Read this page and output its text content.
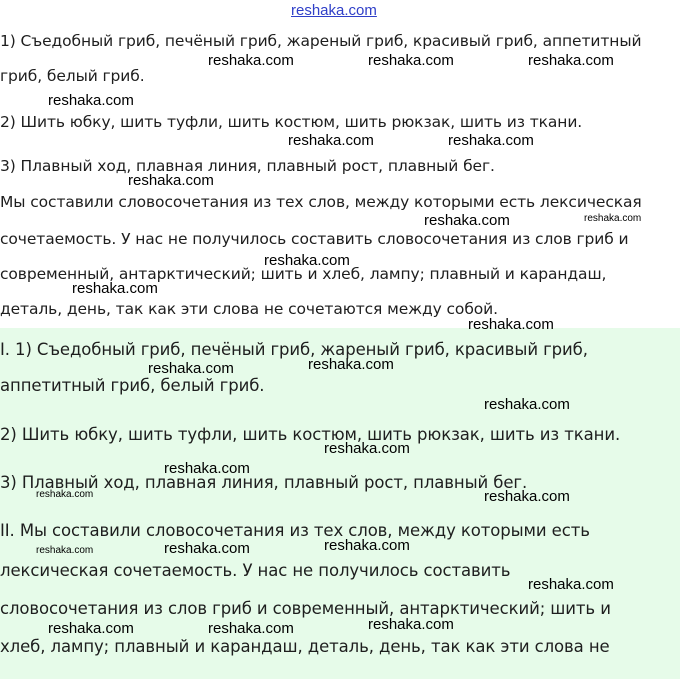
reshaka.com
1) Съедобный гриб, печёный гриб, жареный гриб, красивый гриб, аппетитный
гриб, белый гриб.
2) Шить юбку, шить туфли, шить костюм, шить рюкзак, шить из ткани.
3) Плавный ход, плавная линия, плавный рост, плавный бег.
Мы составили словосочетания из тех слов, между которыми есть лексическая
сочетаемость. У нас не получилось составить словосочетания из слов гриб и
современный, антарктический; шить и хлеб, лампу; плавный и карандаш,
деталь, день, так как эти слова не сочетаются между собой.
I. 1) Съедобный гриб, печёный гриб, жареный гриб, красивый гриб,
аппетитный гриб, белый гриб.
2) Шить юбку, шить туфли, шить костюм, шить рюкзак, шить из ткани.
3) Плавный ход, плавная линия, плавный рост, плавный бег.
II. Мы составили словосочетания из тех слов, между которыми есть
лексическая сочетаемость. У нас не получилось составить
словосочетания из слов гриб и современный, антарктический; шить и
хлеб, лампу; плавный и карандаш, деталь, день, так как эти слова не
reshaka.com	reshaka.com	reshaka.com
reshaka.com
reshaka.com	reshaka.com
reshaka.com
reshaka.com	reshaka.com
reshaka.com
reshaka.com
reshaka.com
reshaka.com
reshaka.com
reshaka.com
reshaka.com
reshaka.com
reshaka.com	reshaka.com
reshaka.com
reshaka.com	reshaka.com
reshaka.com
reshaka.com
reshaka.com	reshaka.com
